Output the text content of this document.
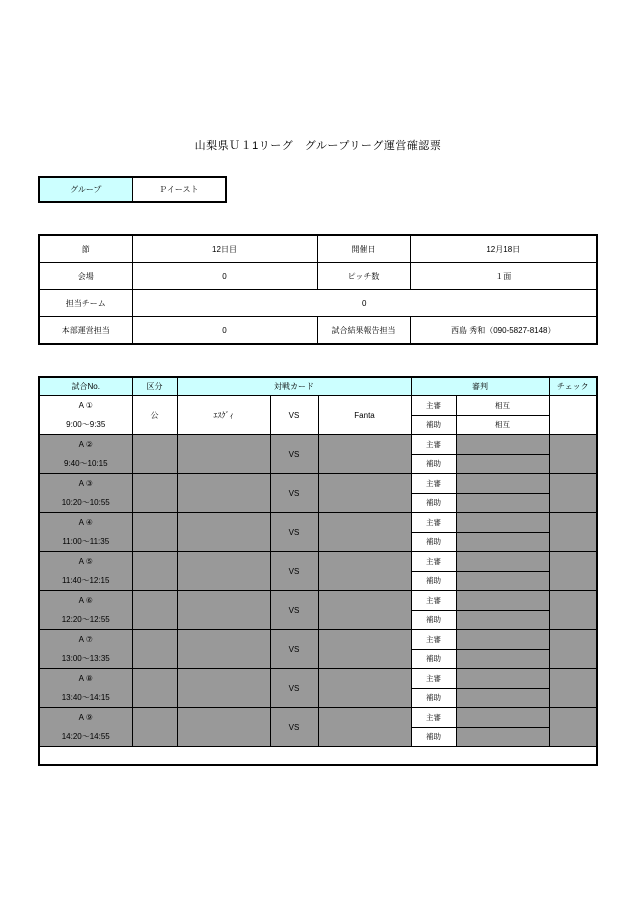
山梨県Ｕ１1リーグ　グループリーグ運営確認票
グループ	Ｐイースト
節	12日目	開催日	12月18日
会場	0	ピッチ数	１面
担当チーム	0		
本部運営担当	0	試合結果報告担当	西島 秀和（090-5827-8148）
試合No.	区分	対戦カード			審判		チェック

A ①
9:00～9:35	公	ｴｽｸﾞｨ	VS	Fanta	主審	相互	
					補助	相互	

A ②
9:40～10:15			VS		主審		
					補助		

A ③
10:20～10:55			VS		主審		
					補助		

A ④
11:00～11:35			VS		主審		
					補助		

A ⑤
11:40～12:15			VS		主審		
					補助		

A ⑥
12:20～12:55			VS		主審		
					補助		

A ⑦
13:00～13:35			VS		主審		
					補助		

A ⑧
13:40～14:15			VS		主審		
					補助		

A ⑨
14:20～14:55			VS		主審		
					補助		
